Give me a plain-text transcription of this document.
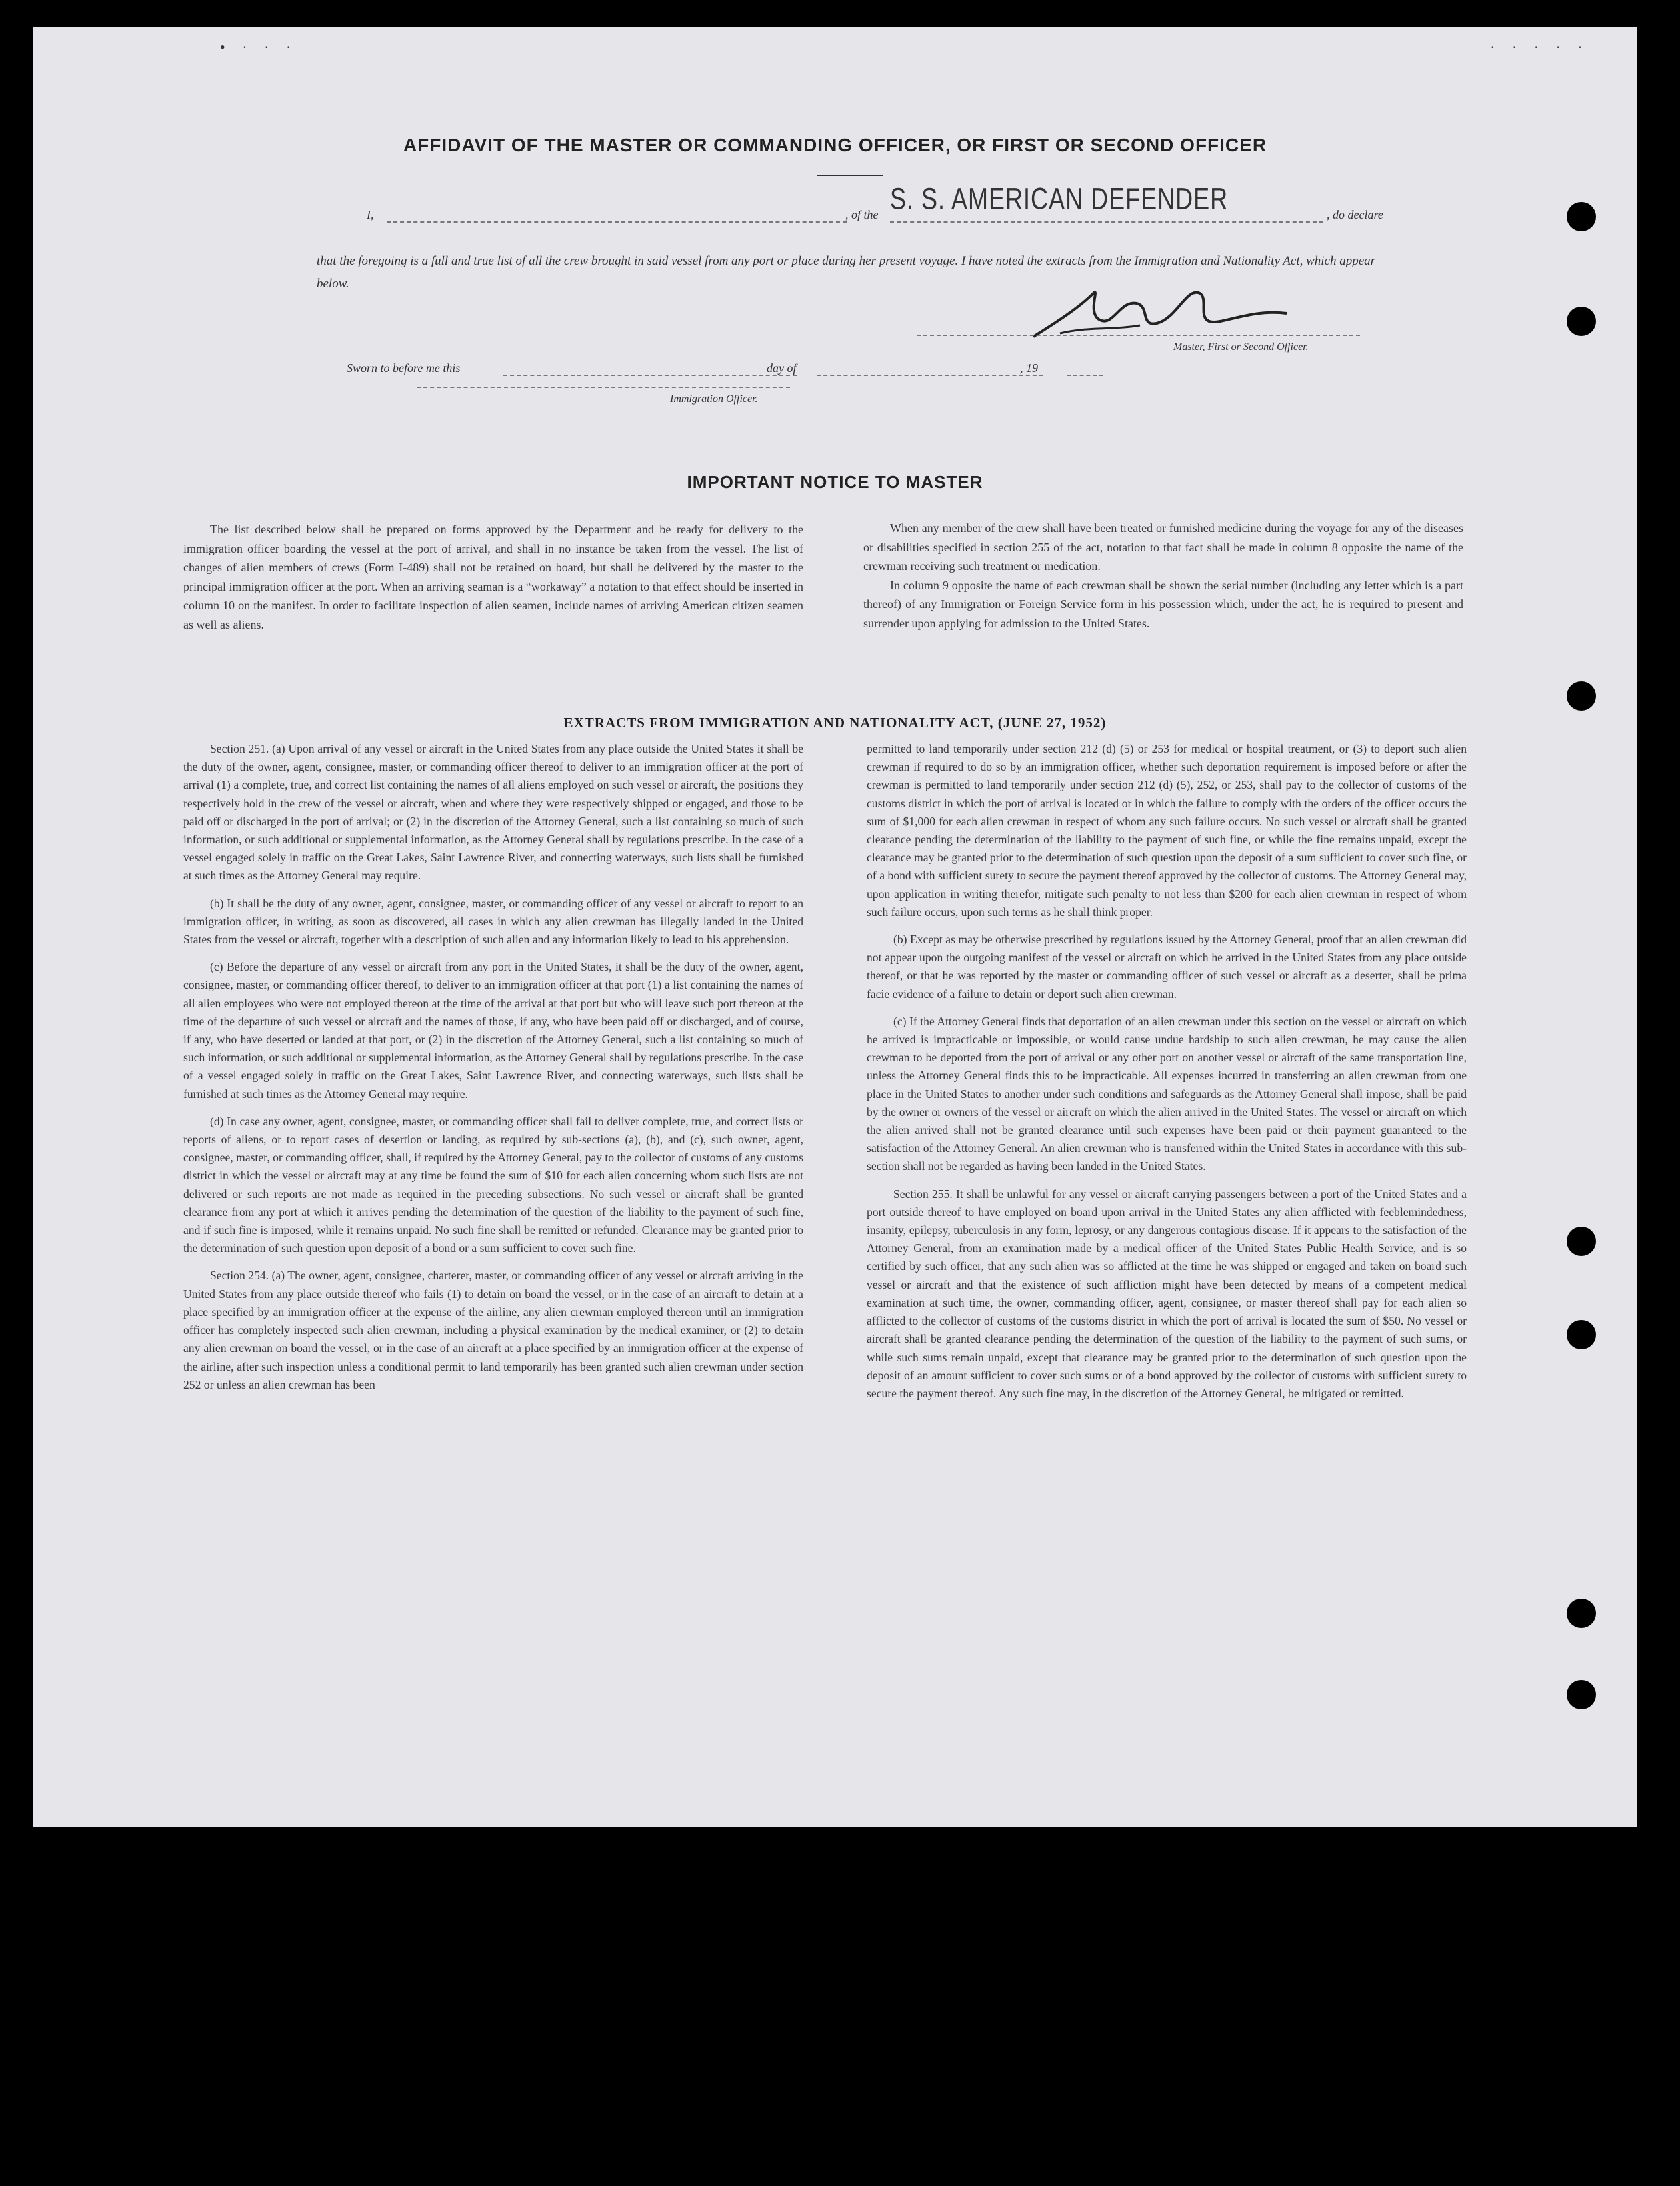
• · · ·	· · · · ·
AFFIDAVIT OF THE MASTER OR COMMANDING OFFICER, OR FIRST OR SECOND OFFICER
I,	, of the S. S. AMERICAN DEFENDER	, do declare
that the foregoing is a full and true list of all the crew brought in said vessel from any port or place during her present voyage. I have noted the extracts from the Immigration and Nationality Act, which appear below.
Master, First or Second Officer.
Sworn to before me this	day of	, 19
Immigration Officer.
IMPORTANT NOTICE TO MASTER

The list described below shall be prepared on forms approved by the Department and be ready for delivery to the immigration officer boarding the vessel at the port of arrival, and shall in no instance be taken from the vessel. The list of changes of alien members of crews (Form I-489) shall not be retained on board, but shall be delivered by the master to the principal immigration officer at the port. When an arriving seaman is a “workaway” a notation to that effect should be inserted in column 10 on the manifest. In order to facilitate inspection of alien seamen, include names of arriving American citizen seamen as well as aliens.

When any member of the crew shall have been treated or furnished medicine during the voyage for any of the diseases or disabilities specified in section 255 of the act, notation to that fact shall be made in column 8 opposite the name of the crewman receiving such treatment or medication.

In column 9 opposite the name of each crewman shall be shown the serial number (including any letter which is a part thereof) of any Immigration or Foreign Service form in his possession which, under the act, he is required to present and surrender upon applying for admission to the United States.

EXTRACTS FROM IMMIGRATION AND NATIONALITY ACT, (JUNE 27, 1952)

Section 251. (a) Upon arrival of any vessel or aircraft in the United States from any place outside the United States it shall be the duty of the owner, agent, consignee, master, or commanding officer thereof to deliver to an immigration officer at the port of arrival (1) a complete, true, and correct list containing the names of all aliens employed on such vessel or aircraft, the positions they respectively hold in the crew of the vessel or aircraft, when and where they were respectively shipped or engaged, and those to be paid off or discharged in the port of arrival; or (2) in the discretion of the Attorney General, such a list containing so much of such information, or such additional or supplemental information, as the Attorney General shall by regulations prescribe. In the case of a vessel engaged solely in traffic on the Great Lakes, Saint Lawrence River, and connecting waterways, such lists shall be furnished at such times as the Attorney General may require.

(b) It shall be the duty of any owner, agent, consignee, master, or commanding officer of any vessel or aircraft to report to an immigration officer, in writing, as soon as discovered, all cases in which any alien crewman has illegally landed in the United States from the vessel or aircraft, together with a description of such alien and any information likely to lead to his apprehension.

(c) Before the departure of any vessel or aircraft from any port in the United States, it shall be the duty of the owner, agent, consignee, master, or commanding officer thereof, to deliver to an immigration officer at that port (1) a list containing the names of all alien employees who were not employed thereon at the time of the arrival at that port but who will leave such port thereon at the time of the departure of such vessel or aircraft and the names of those, if any, who have been paid off or discharged, and of course, if any, who have deserted or landed at that port, or (2) in the discretion of the Attorney General, such a list containing so much of such information, or such additional or supplemental information, as the Attorney General shall by regulations prescribe. In the case of a vessel engaged solely in traffic on the Great Lakes, Saint Lawrence River, and connecting waterways, such lists shall be furnished at such times as the Attorney General may require.

(d) In case any owner, agent, consignee, master, or commanding officer shall fail to deliver complete, true, and correct lists or reports of aliens, or to report cases of desertion or landing, as required by sub-sections (a), (b), and (c), such owner, agent, consignee, master, or commanding officer, shall, if required by the Attorney General, pay to the collector of customs of any customs district in which the vessel or aircraft may at any time be found the sum of $10 for each alien concerning whom such lists are not delivered or such reports are not made as required in the preceding subsections. No such vessel or aircraft shall be granted clearance from any port at which it arrives pending the determination of the question of the liability to the payment of such fine, and if such fine is imposed, while it remains unpaid. No such fine shall be remitted or refunded. Clearance may be granted prior to the determination of such question upon deposit of a bond or a sum sufficient to cover such fine.

Section 254. (a) The owner, agent, consignee, charterer, master, or commanding officer of any vessel or aircraft arriving in the United States from any place outside thereof who fails (1) to detain on board the vessel, or in the case of an aircraft to detain at a place specified by an immigration officer at the expense of the airline, any alien crewman employed thereon until an immigration officer has completely inspected such alien crewman, including a physical examination by the medical examiner, or (2) to detain any alien crewman on board the vessel, or in the case of an aircraft at a place specified by an immigration officer at the expense of the airline, after such inspection unless a conditional permit to land temporarily has been granted such alien crewman under section 252 or unless an alien crewman has been

permitted to land temporarily under section 212 (d) (5) or 253 for medical or hospital treatment, or (3) to deport such alien crewman if required to do so by an immigration officer, whether such deportation requirement is imposed before or after the crewman is permitted to land temporarily under section 212 (d) (5), 252, or 253, shall pay to the collector of customs of the customs district in which the port of arrival is located or in which the failure to comply with the orders of the officer occurs the sum of $1,000 for each alien crewman in respect of whom any such failure occurs. No such vessel or aircraft shall be granted clearance pending the determination of the liability to the payment of such fine, or while the fine remains unpaid, except the clearance may be granted prior to the determination of such question upon the deposit of a sum sufficient to cover such fine, or of a bond with sufficient surety to secure the payment thereof approved by the collector of customs. The Attorney General may, upon application in writing therefor, mitigate such penalty to not less than $200 for each alien crewman in respect of whom such failure occurs, upon such terms as he shall think proper.

(b) Except as may be otherwise prescribed by regulations issued by the Attorney General, proof that an alien crewman did not appear upon the outgoing manifest of the vessel or aircraft on which he arrived in the United States from any place outside thereof, or that he was reported by the master or commanding officer of such vessel or aircraft as a deserter, shall be prima facie evidence of a failure to detain or deport such alien crewman.

(c) If the Attorney General finds that deportation of an alien crewman under this section on the vessel or aircraft on which he arrived is impracticable or impossible, or would cause undue hardship to such alien crewman, he may cause the alien crewman to be deported from the port of arrival or any other port on another vessel or aircraft of the same transportation line, unless the Attorney General finds this to be impracticable. All expenses incurred in transferring an alien crewman from one place in the United States to another under such conditions and safeguards as the Attorney General shall impose, shall be paid by the owner or owners of the vessel or aircraft on which the alien arrived in the United States. The vessel or aircraft on which the alien arrived shall not be granted clearance until such expenses have been paid or their payment guaranteed to the satisfaction of the Attorney General. An alien crewman who is transferred within the United States in accordance with this sub-section shall not be regarded as having been landed in the United States.

Section 255. It shall be unlawful for any vessel or aircraft carrying passengers between a port of the United States and a port outside thereof to have employed on board upon arrival in the United States any alien afflicted with feeblemindedness, insanity, epilepsy, tuberculosis in any form, leprosy, or any dangerous contagious disease. If it appears to the satisfaction of the Attorney General, from an examination made by a medical officer of the United States Public Health Service, and is so certified by such officer, that any such alien was so afflicted at the time he was shipped or engaged and taken on board such vessel or aircraft and that the existence of such affliction might have been detected by means of a competent medical examination at such time, the owner, commanding officer, agent, consignee, or master thereof shall pay for each alien so afflicted to the collector of customs of the customs district in which the port of arrival is located the sum of $50. No vessel or aircraft shall be granted clearance pending the determination of the question of the liability to the payment of such sums, or while such sums remain unpaid, except that clearance may be granted prior to the determination of such question upon the deposit of an amount sufficient to cover such sums or of a bond approved by the collector of customs with sufficient surety to secure the payment thereof. Any such fine may, in the discretion of the Attorney General, be mitigated or remitted.
